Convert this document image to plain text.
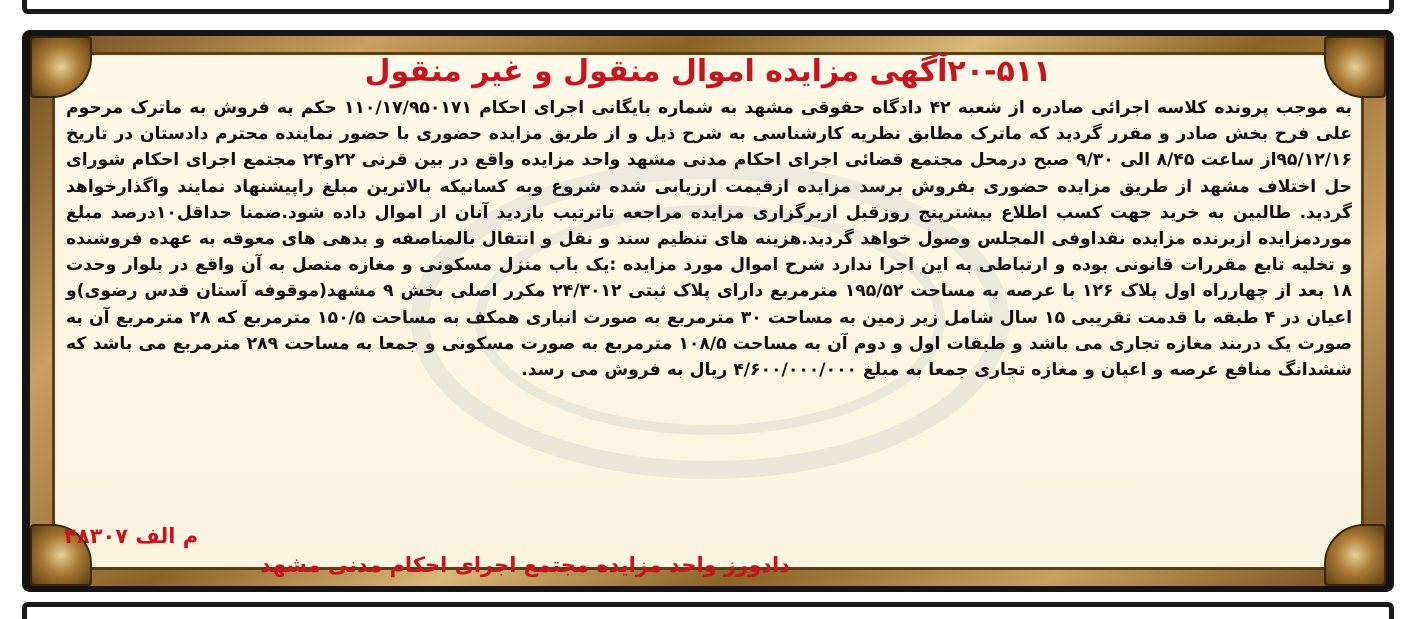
۲۰-۵۱۱آگهی مزایده اموال منقول و غیر منقول

به موجب پرونده کلاسه اجرائی صادره از شعبه ۴۲ دادگاه حقوقی مشهد به شماره بایگانی اجرای احکام ۱۱۰/۱۷/۹۵۰۱۷۱ حکم به فروش به ماترک مرحوم علی فرح بخش صادر و مقرر گردید که ماترک مطابق نظریه کارشناسی به شرح ذیل و از طریق مزایده حضوری با حضور نماینده محترم دادستان در تاریخ ۹۵/۱۲/۱۶از ساعت ۸/۴۵ الی ۹/۳۰ صبح درمحل مجتمع قضائی اجرای احکام مدنی مشهد واحد مزایده واقع در بین قرنی ۲۲و۲۴ مجتمع اجرای احکام شورای حل اختلاف مشهد از طریق مزایده حضوری بفروش برسد مزایده ازقیمت ارزیابی شده شروع وبه کسانیکه بالاترین مبلغ راپیشنهاد نمایند واگذارخواهد گردید. طالبین به خرید جهت کسب اطلاع بیشترپنج روزقبل ازبرگزاری مزایده مراجعه تاترتیب بازدید آنان از اموال داده شود.ضمنا حداقل۱۰درصد مبلغ موردمزایده ازبرنده مزایده نقداوفی المجلس وصول خواهد گردید.هزینه های تنظیم سند و نقل و انتقال بالمناصفه و بدهی های معوقه به عهده فروشنده و تخلیه تابع مقررات قانونی بوده و ارتباطی به این اجرا ندارد شرح اموال مورد مزایده :یک باب منزل مسکونی و مغازه متصل به آن واقع در بلوار وحدت ۱۸ بعد از چهارراه اول پلاک ۱۲۶ با عرصه به مساحت ۱۹۵/۵۲ مترمربع دارای پلاک ثبتی ۲۴/۳۰۱۲ مکرر اصلی بخش ۹ مشهد(موقوفه آستان قدس رضوی)و اعیان در ۴ طبقه با قدمت تقریبی ۱۵ سال شامل زیر زمین به مساحت ۳۰ مترمربع به صورت انباری همکف به مساحت ۱۵۰/۵ مترمربع که ۲۸ مترمربع آن به صورت یک دربند مغازه تجاری می باشد و طبقات اول و دوم آن به مساحت ۱۰۸/۵ مترمربع به صورت مسکونی و جمعا به مساحت ۲۸۹ مترمربع می باشد که ششدانگ منافع عرصه و اعیان و مغازه تجاری جمعا به مبلغ ۴/۶۰۰/۰۰۰/۰۰۰ ریال به فروش می رسد.

م الف ۴۸۳۰۷
دادورز واحد مزایده مجتمع اجرای احکام مدنی مشهد
